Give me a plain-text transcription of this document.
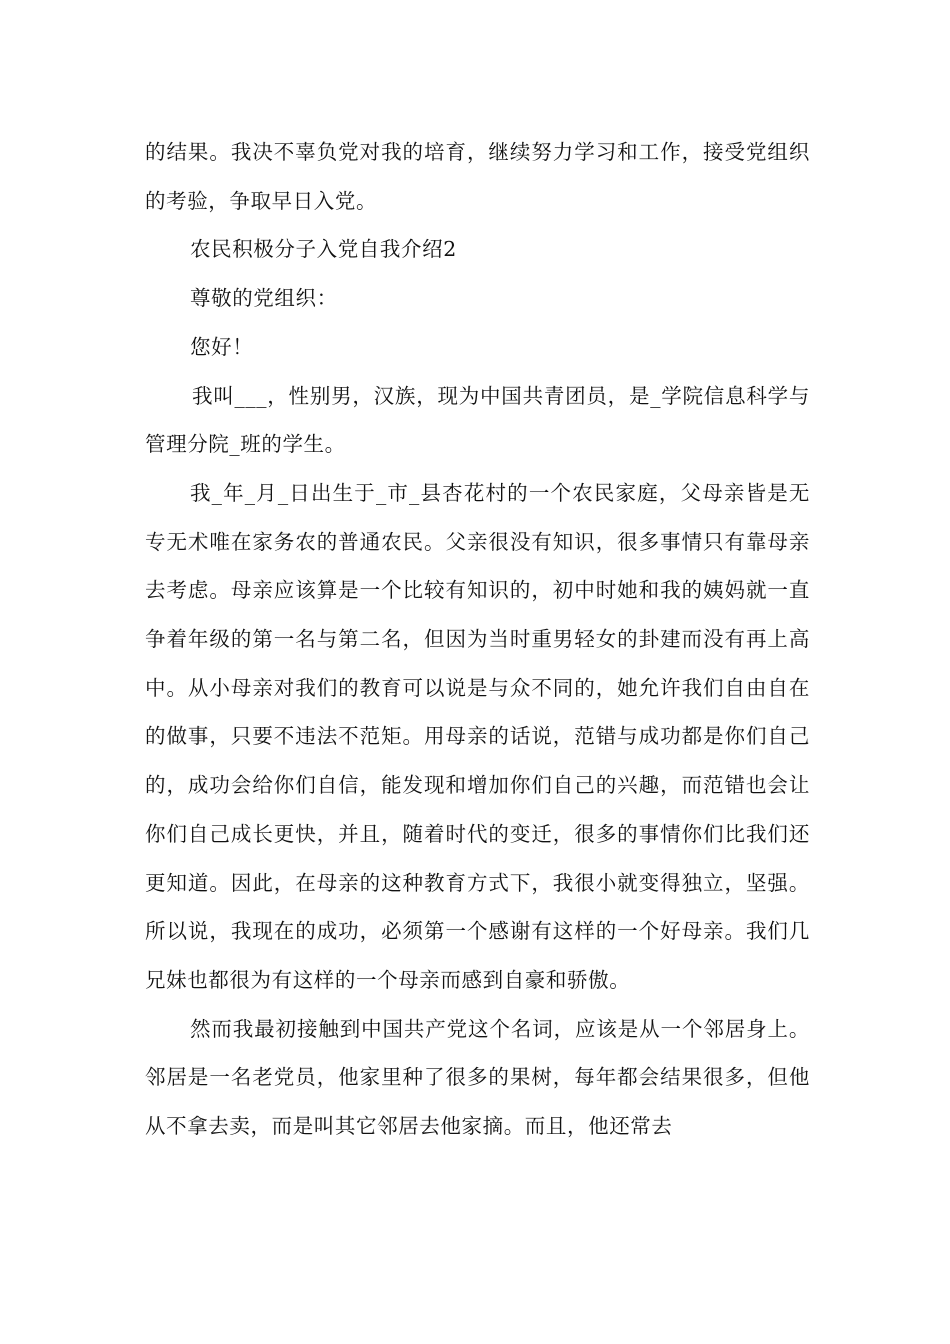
的结果。我决不辜负党对我的培育，继续努力学习和工作，接受党组织的考验，争取早日入党。

农民积极分子入党自我介绍2

尊敬的党组织：

您好！

我叫___，性别男，汉族，现为中国共青团员，是_学院信息科学与管理分院_班的学生。

我_年_月_日出生于_市_县杏花村的一个农民家庭，父母亲皆是无专无术唯在家务农的普通农民。父亲很没有知识，很多事情只有靠母亲去考虑。母亲应该算是一个比较有知识的，初中时她和我的姨妈就一直争着年级的第一名与第二名，但因为当时重男轻女的卦建而没有再上高中。从小母亲对我们的教育可以说是与众不同的，她允许我们自由自在的做事，只要不违法不范矩。用母亲的话说，范错与成功都是你们自己的，成功会给你们自信，能发现和增加你们自己的兴趣，而范错也会让你们自己成长更快，并且，随着时代的变迁，很多的事情你们比我们还更知道。因此，在母亲的这种教育方式下，我很小就变得独立，坚强。所以说，我现在的成功，必须第一个感谢有这样的一个好母亲。我们几兄妹也都很为有这样的一个母亲而感到自豪和骄傲。

然而我最初接触到中国共产党这个名词，应该是从一个邻居身上。邻居是一名老党员，他家里种了很多的果树，每年都会结果很多，但他从不拿去卖，而是叫其它邻居去他家摘。而且，他还常去
